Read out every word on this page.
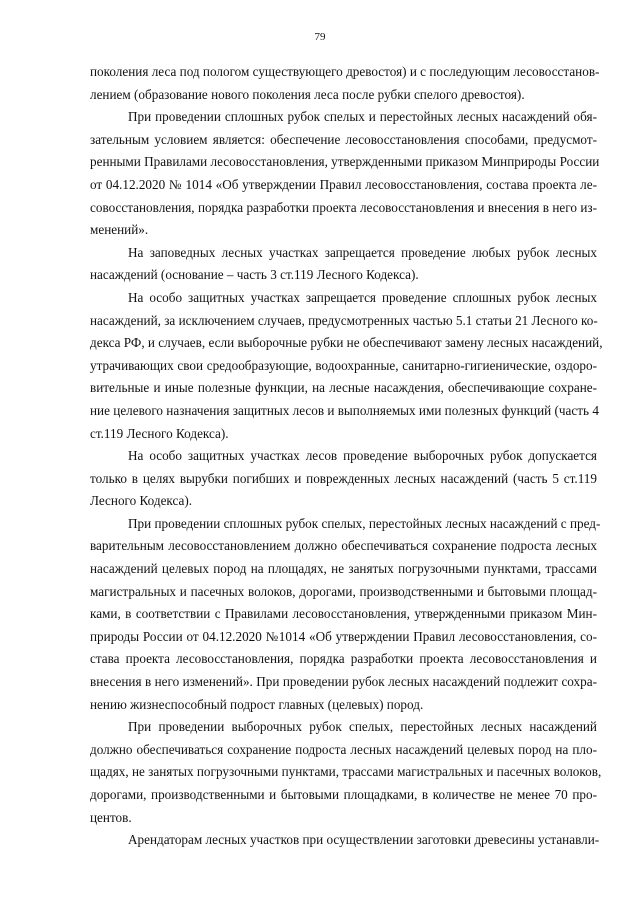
79

поколения леса под пологом существующего древостоя) и с последующим лесовосстанов-
лением (образование нового поколения леса после рубки спелого древостоя).

При проведении сплошных рубок спелых и перестойных лесных насаждений обя-
зательным условием является: обеспечение лесовосстановления способами, предусмот-
ренными Правилами лесовосстановления, утвержденными приказом Минприроды России
от 04.12.2020 № 1014 «Об утверждении Правил лесовосстановления, состава проекта ле-
совосстановления, порядка разработки проекта лесовосстановления и внесения в него из-
менений».

На заповедных лесных участках запрещается проведение любых рубок лесных
насаждений (основание – часть 3 ст.119 Лесного Кодекса).

На особо защитных участках запрещается проведение сплошных рубок лесных
насаждений, за исключением случаев, предусмотренных частью 5.1 статьи 21 Лесного ко-
декса РФ, и случаев, если выборочные рубки не обеспечивают замену лесных насаждений,
утрачивающих свои средообразующие, водоохранные, санитарно-гигиенические, оздоро-
вительные и иные полезные функции, на лесные насаждения, обеспечивающие сохране-
ние целевого назначения защитных лесов и выполняемых ими полезных функций (часть 4
ст.119 Лесного Кодекса).

На особо защитных участках лесов проведение выборочных рубок допускается
только в целях вырубки погибших и поврежденных лесных насаждений (часть 5 ст.119
Лесного Кодекса).

При проведении сплошных рубок спелых, перестойных лесных насаждений с пред-
варительным лесовосстановлением должно обеспечиваться сохранение подроста лесных
насаждений целевых пород на площадях, не занятых погрузочными пунктами, трассами
магистральных и пасечных волоков, дорогами, производственными и бытовыми площад-
ками, в соответствии с Правилами лесовосстановления, утвержденными приказом Мин-
природы России от 04.12.2020 №1014 «Об утверждении Правил лесовосстановления, со-
става проекта лесовосстановления, порядка разработки проекта лесовосстановления и
внесения в него изменений». При проведении рубок лесных насаждений подлежит сохра-
нению жизнеспособный подрост главных (целевых) пород.

При проведении выборочных рубок спелых, перестойных лесных насаждений
должно обеспечиваться сохранение подроста лесных насаждений целевых пород на пло-
щадях, не занятых погрузочными пунктами, трассами магистральных и пасечных волоков,
дорогами, производственными и бытовыми площадками, в количестве не менее 70 про-
центов.

Арендаторам лесных участков при осуществлении заготовки древесины устанавли-
